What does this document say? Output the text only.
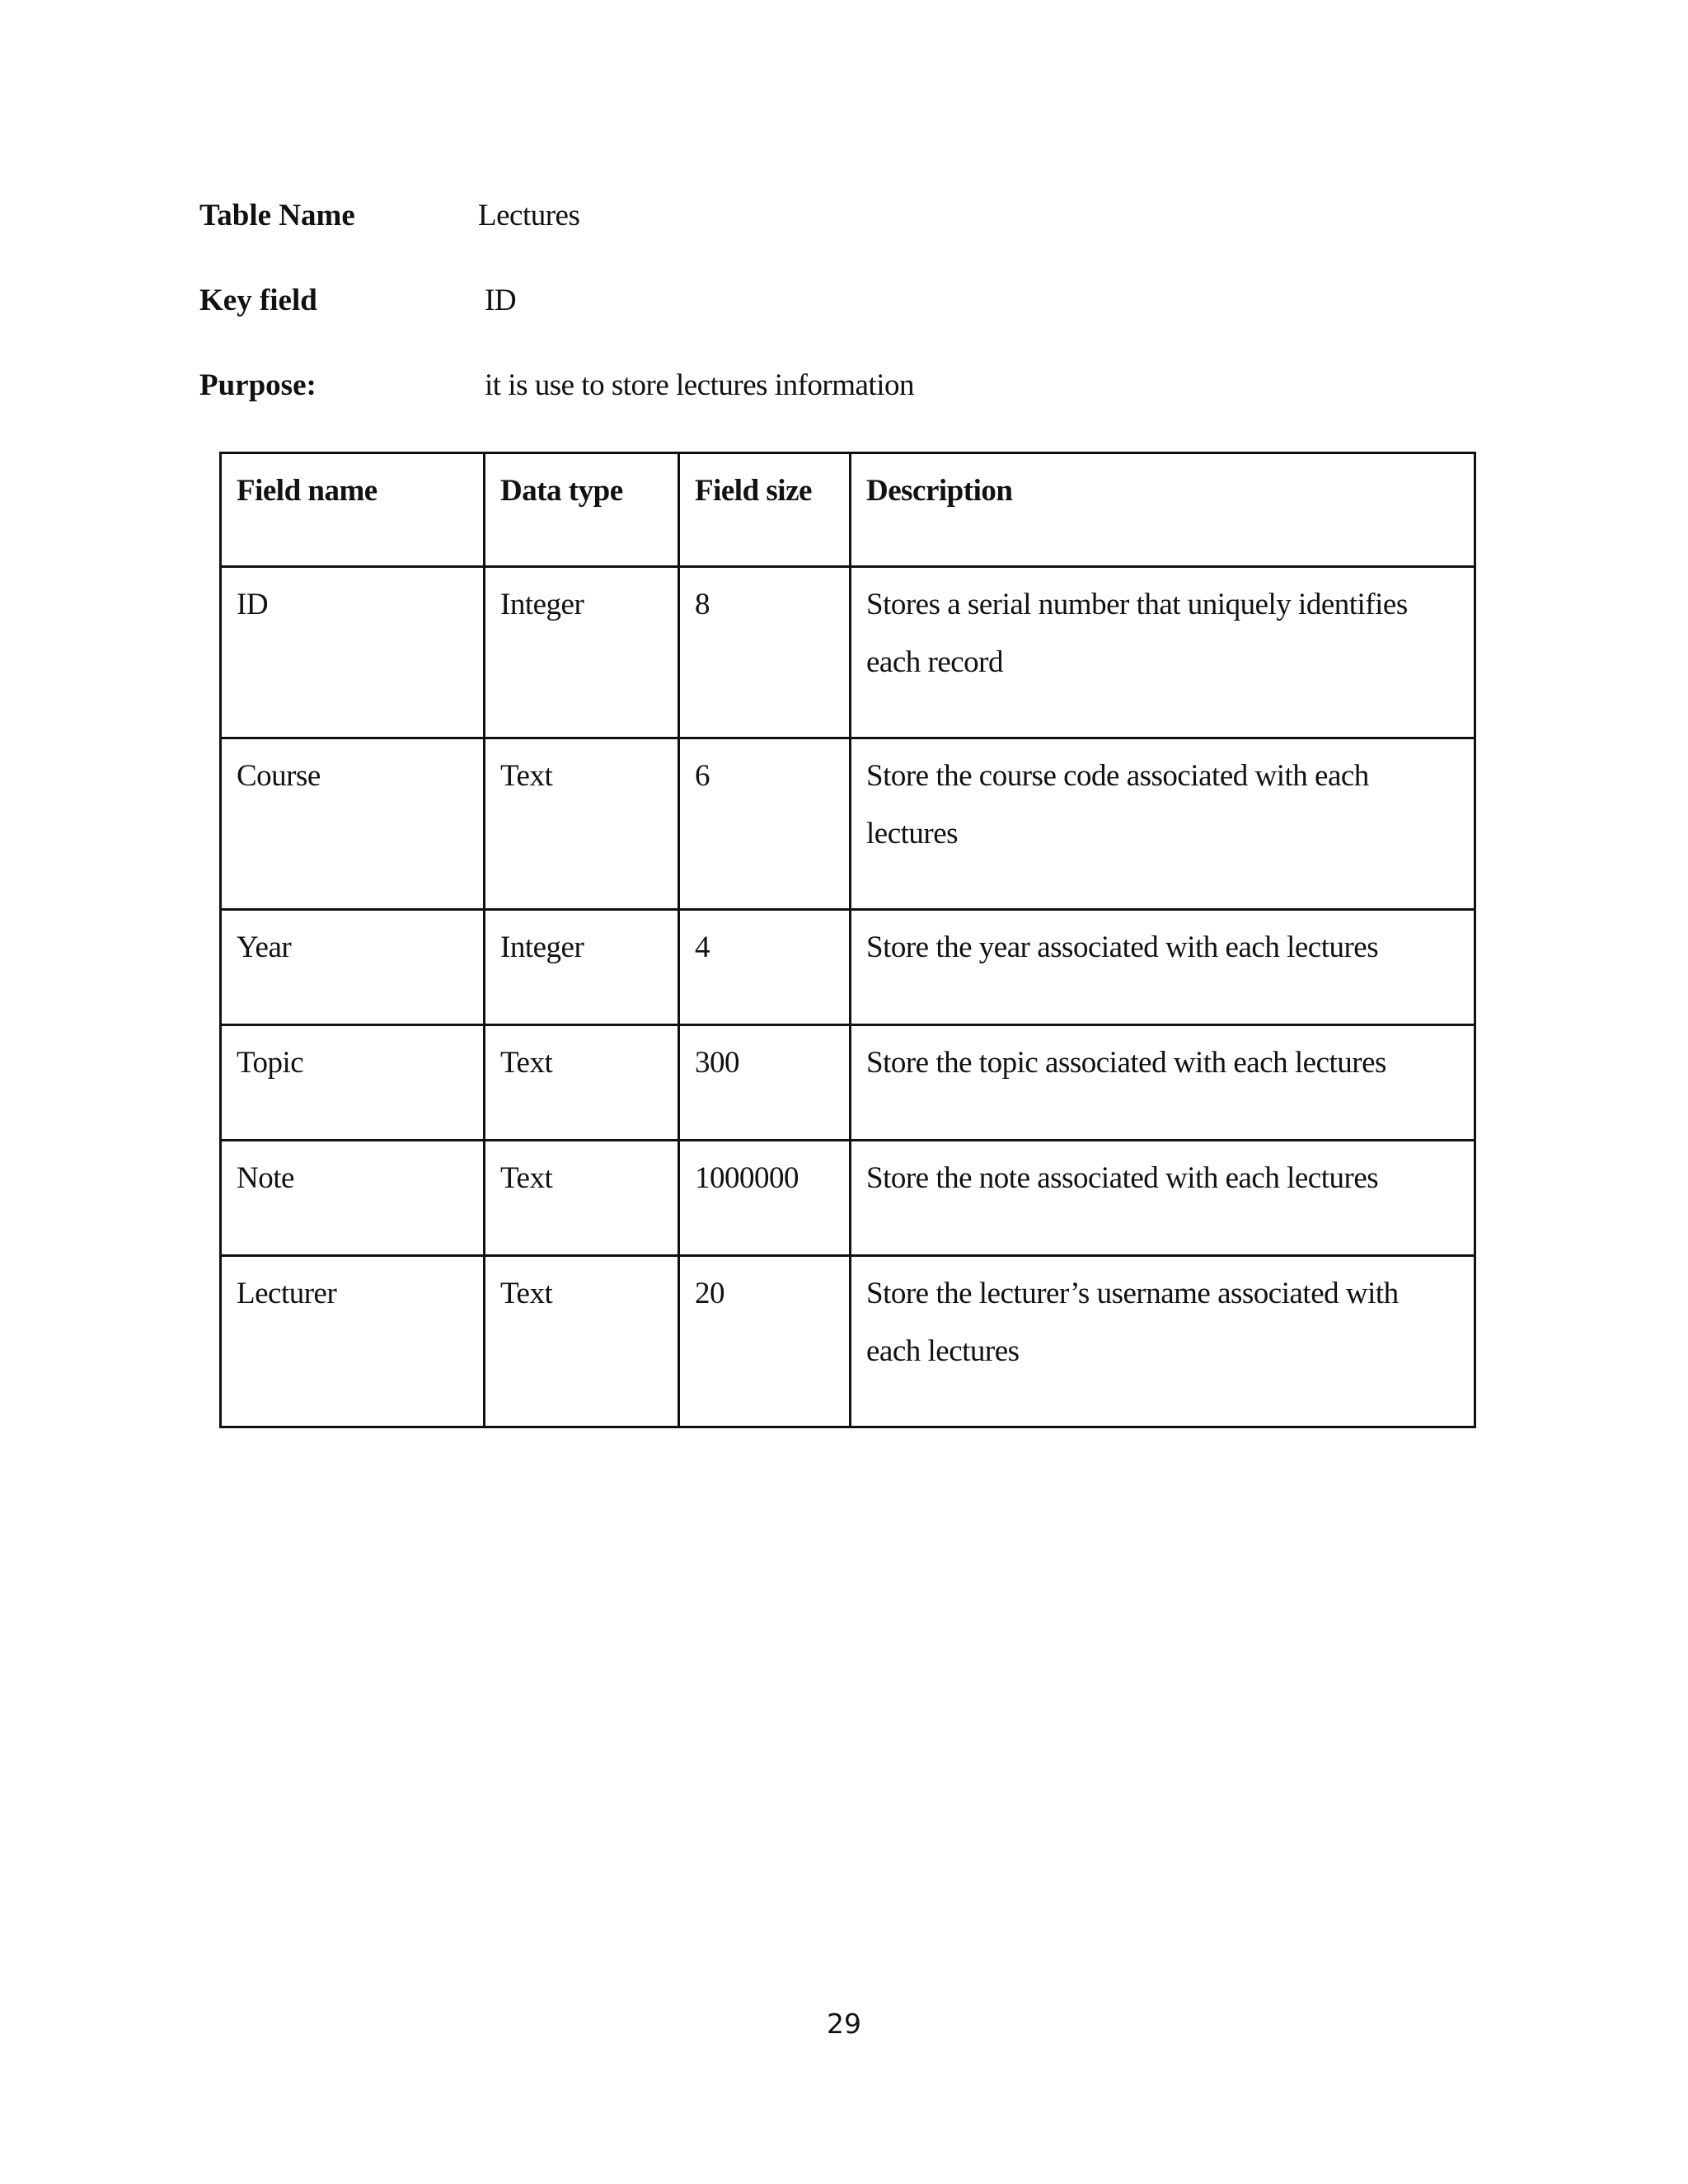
Table Name	Lectures
Key field	ID
Purpose:	it is use to store lectures information
Field name	Data type	Field size	Description
ID	Integer	8	Stores a serial number that uniquely identifies each record
Course	Text	6	Store the course code associated with each lectures
Year	Integer	4	Store the year associated with each lectures
Topic	Text	300	Store the topic associated with each lectures
Note	Text	1000000	Store the note associated with each lectures
Lecturer	Text	20	Store the lecturer’s username associated with each lectures
29
